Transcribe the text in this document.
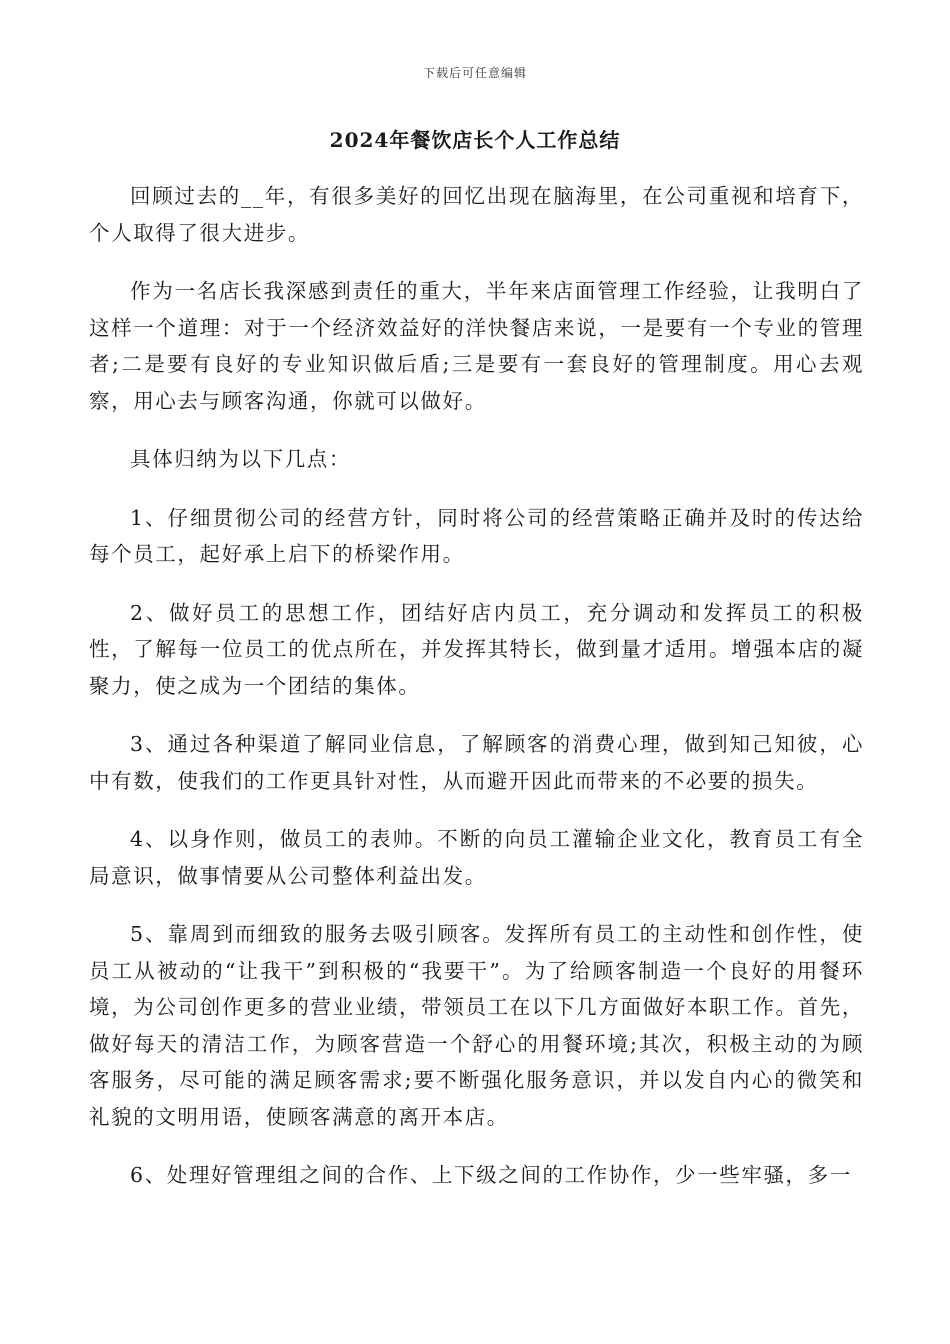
下载后可任意编辑
2024年餐饮店长个人工作总结

回顾过去的__年，有很多美好的回忆出现在脑海里，在公司重视和培育下，个人取得了很大进步。

作为一名店长我深感到责任的重大，半年来店面管理工作经验，让我明白了这样一个道理：对于一个经济效益好的洋快餐店来说，一是要有一个专业的管理者;二是要有良好的专业知识做后盾;三是要有一套良好的管理制度。用心去观察，用心去与顾客沟通，你就可以做好。

具体归纳为以下几点：

1、仔细贯彻公司的经营方针，同时将公司的经营策略正确并及时的传达给每个员工，起好承上启下的桥梁作用。

2、做好员工的思想工作，团结好店内员工，充分调动和发挥员工的积极性，了解每一位员工的优点所在，并发挥其特长，做到量才适用。增强本店的凝聚力，使之成为一个团结的集体。

3、通过各种渠道了解同业信息，了解顾客的消费心理，做到知己知彼，心中有数，使我们的工作更具针对性，从而避开因此而带来的不必要的损失。

4、以身作则，做员工的表帅。不断的向员工灌输企业文化，教育员工有全局意识，做事情要从公司整体利益出发。

5、靠周到而细致的服务去吸引顾客。发挥所有员工的主动性和创作性，使员工从被动的“让我干”到积极的“我要干”。为了给顾客制造一个良好的用餐环境，为公司创作更多的营业业绩，带领员工在以下几方面做好本职工作。首先，做好每天的清洁工作，为顾客营造一个舒心的用餐环境;其次，积极主动的为顾客服务，尽可能的满足顾客需求;要不断强化服务意识，并以发自内心的微笑和礼貌的文明用语，使顾客满意的离开本店。

6、处理好管理组之间的合作、上下级之间的工作协作，少一些牢骚，多一
